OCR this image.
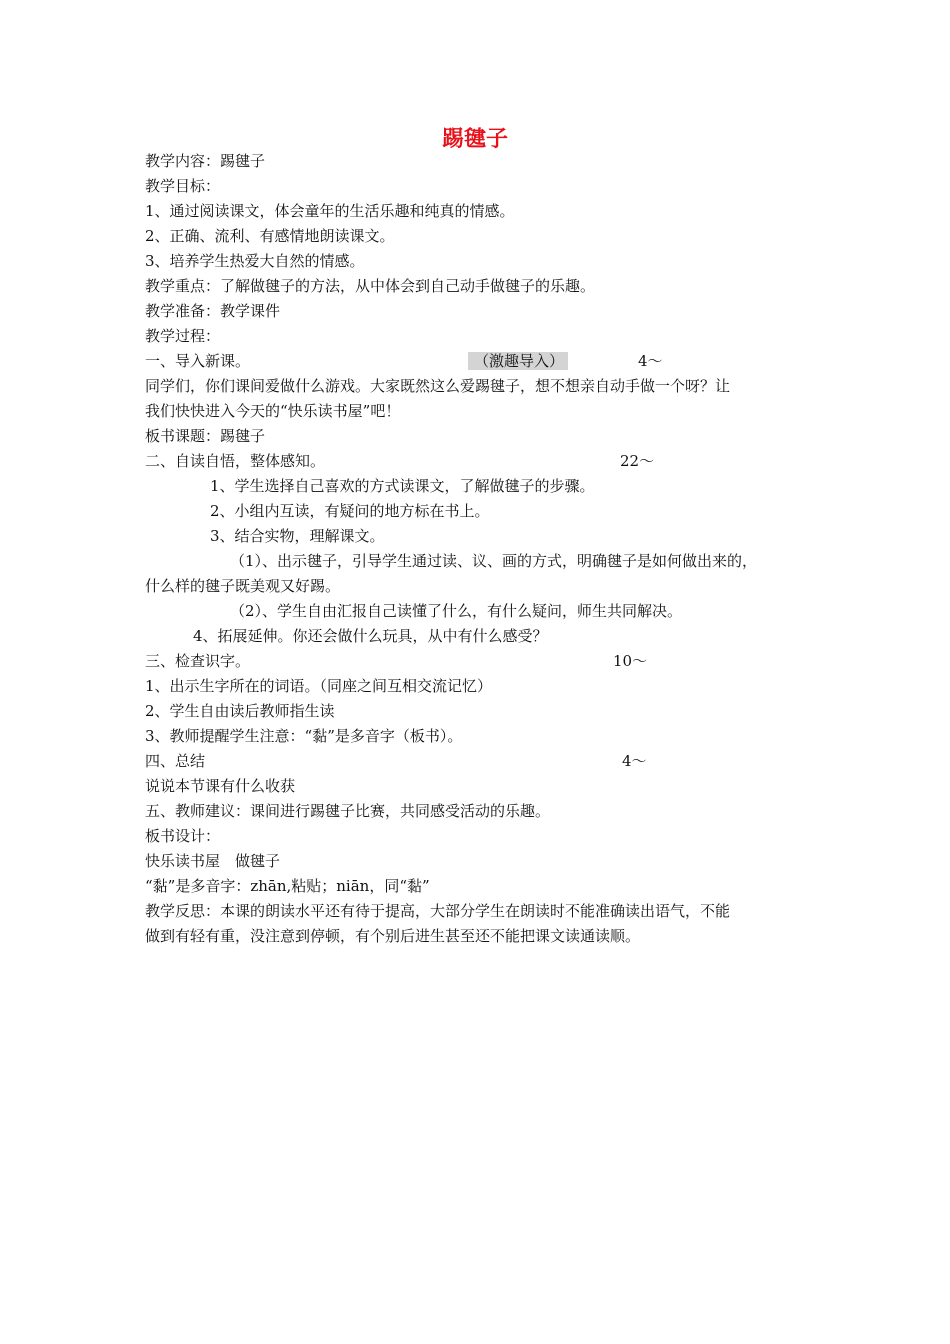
踢毽子
教学内容：踢毽子
教学目标：
1、通过阅读课文，体会童年的生活乐趣和纯真的情感。
2、正确、流利、有感情地朗读课文。
3、培养学生热爱大自然的情感。
教学重点：了解做毽子的方法，从中体会到自己动手做毽子的乐趣。
教学准备：教学课件
教学过程：
一、导入新课。	（激趣导入）	4～
同学们，你们课间爱做什么游戏。大家既然这么爱踢毽子，想不想亲自动手做一个呀？让
我们快快进入今天的“快乐读书屋”吧！
板书课题：踢毽子
二、自读自悟，整体感知。	22～
1、学生选择自己喜欢的方式读课文，了解做毽子的步骤。
2、小组内互读，有疑问的地方标在书上。
3、结合实物，理解课文。
（1）、出示毽子，引导学生通过读、议、画的方式，明确毽子是如何做出来的，
什么样的毽子既美观又好踢。
（2）、学生自由汇报自己读懂了什么，有什么疑问，师生共同解决。
4、拓展延伸。你还会做什么玩具，从中有什么感受？
三、检查识字。	10～
1、出示生字所在的词语。（同座之间互相交流记忆）
2、学生自由读后教师指生读
3、教师提醒学生注意：“黏”是多音字（板书）。
四、总结	4～
说说本节课有什么收获
五、教师建议：课间进行踢毽子比赛，共同感受活动的乐趣。
板书设计：
快乐读书屋　做毽子
“黏”是多音字：zhān,粘贴；niān，同“黏”
教学反思：本课的朗读水平还有待于提高，大部分学生在朗读时不能准确读出语气，不能
做到有轻有重，没注意到停顿，有个别后进生甚至还不能把课文读通读顺。
